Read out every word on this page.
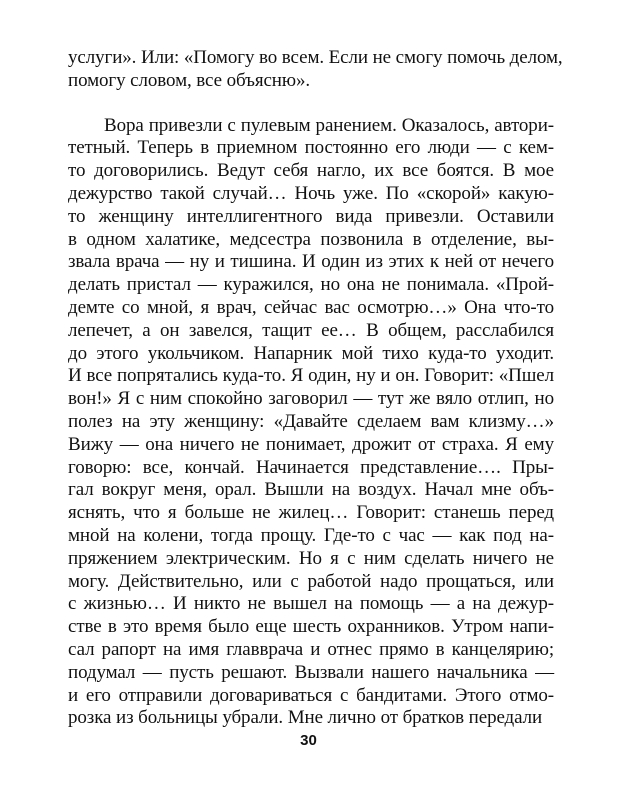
услуги». Или: «Помогу во всем. Если не смогу помочь делом,
помогу словом, все объясню».
Вора привезли с пулевым ранением. Оказалось, автори-
тетный. Теперь в приемном постоянно его люди — с кем-
то договорились. Ведут себя нагло, их все боятся. В мое
дежурство такой случай… Ночь уже. По «скорой» какую-
то женщину интеллигентного вида привезли. Оставили
в одном халатике, медсестра позвонила в отделение, вы-
звала врача — ну и тишина. И один из этих к ней от нечего
делать пристал — куражился, но она не понимала. «Прой-
демте со мной, я врач, сейчас вас осмотрю…» Она что-то
лепечет, а он завелся, тащит ее… В общем, расслабился
до этого укольчиком. Напарник мой тихо куда-то уходит.
И все попрятались куда-то. Я один, ну и он. Говорит: «Пшел
вон!» Я с ним спокойно заговорил — тут же вяло отлип, но
полез на эту женщину: «Давайте сделаем вам клизму…»
Вижу — она ничего не понимает, дрожит от страха. Я ему
говорю: все, кончай. Начинается представление…. Пры-
гал вокруг меня, орал. Вышли на воздух. Начал мне объ-
яснять, что я больше не жилец… Говорит: станешь перед
мной на колени, тогда прощу. Где-то с час — как под на-
пряжением электрическим. Но я с ним сделать ничего не
могу. Действительно, или с работой надо прощаться, или
с жизнью… И никто не вышел на помощь — а на дежур-
стве в это время было еще шесть охранников. Утром напи-
сал рапорт на имя главврача и отнес прямо в канцелярию;
подумал — пусть решают. Вызвали нашего начальника —
и его отправили договариваться с бандитами. Этого отмо-
розка из больницы убрали. Мне лично от братков передали
30
